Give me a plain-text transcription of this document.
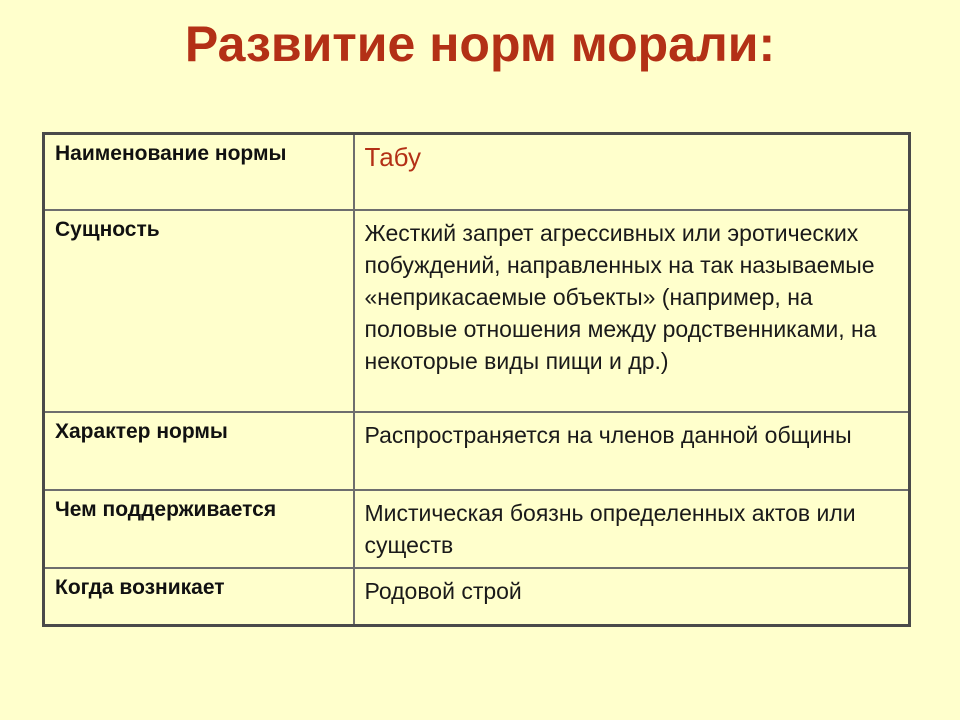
Развитие норм морали:
Наименование нормы	Табу

Сущность	Жесткий запрет агрессивных или эротических побуждений, направленных на так называемые «неприкасаемые объекты» (например, на половые отношения между родственниками, на некоторые виды пищи и др.)

Характер нормы	Распространяется на членов данной общины

Чем поддерживается	Мистическая боязнь определенных актов или существ

Когда возникает	Родовой строй
